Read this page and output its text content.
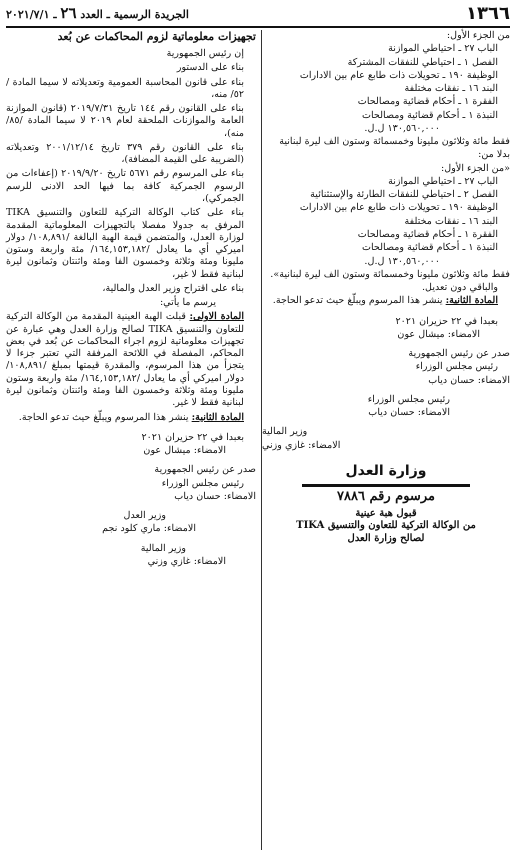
الجريدة الرسمية ـ العدد ٢٦ ـ ٢٠٢١/٧/١	١٣٦٦

من الجزء الأول:

الباب ٢٧ ـ احتياطي الموازنة

الفصل ١ ـ احتياطي للنفقات المشتركة

الوظيفة ١٩٠ ـ تحويلات ذات طابع عام بين الادارات

البند ١٦ ـ نفقات مختلفة

الفقرة ١ ـ أحكام قضائية ومصالحات

النبذة ١ ـ أحكام قضائية ومصالحات

١٣٠,٥٦٠,٠٠٠ ل.ل.

فقط مائة وثلاثون مليونا وخمسمائة وستون الف ليرة لبنانية

بدلا من:

«من الجزء الأول:

الباب ٢٧ ـ احتياطي الموازنة

الفصل ٢ ـ احتياطي للنفقات الطارئة والإستثنائية

الوظيفة ١٩٠ ـ تحويلات ذات طابع عام بين الادارات

البند ١٦ ـ نفقات مختلفة

الفقرة ١ ـ أحكام قضائية ومصالحات

النبذة ١ ـ أحكام قضائية ومصالحات

١٣٠,٥٦٠,٠٠٠ ل.ل.

فقط مائة وثلاثون مليونا وخمسمائة وستون الف ليرة لبنانية».

والباقي دون تعديل.

المادة الثانية: ينشر هذا المرسوم ويبلّغ حيث تدعو الحاجة.

بعبدا في ٢٢ حزيران ٢٠٢١

الامضاء: ميشال عون

صدر عن رئيس الجمهورية

رئيس مجلس الوزراء

الامضاء: حسان دياب

رئيس مجلس الوزراء

الامضاء: حسان دياب

وزير المالية

الامضاء: غازي وزني

وزارة العدل

مرسوم رقم ٧٨٨٦

قبول هبة عينية

من الوكالة التركية للتعاون والتنسيق TIKA

لصالح وزارة العدل

تجهيزات معلوماتية لزوم المحاكمات عن بُعد

إن رئيس الجمهورية

بناء على الدستور

بناء على قانون المحاسبة العمومية وتعديلاته لا سيما المادة /٥٢/ منه،

بناء على القانون رقم ١٤٤ تاريخ ٢٠١٩/٧/٣١ (قانون الموازنة العامة والموازنات الملحقة لعام ٢٠١٩ لا سيما المادة /٨٥/ منه)،

بناء على القانون رقم ٣٧٩ تاريخ ٢٠٠١/١٢/١٤ وتعديلاته (الضريبة على القيمة المضافة)،

بناء على المرسوم رقم ٥٦٧١ تاريخ ٢٠١٩/٩/٢٠ (إعفاءات من الرسوم الجمركية كافة بما فيها الحد الادنى للرسم الجمركي)،

بناء على كتاب الوكالة التركية للتعاون والتنسيق TIKA المرفق به جدولا مفصلا بالتجهيزات المعلوماتية المقدمة لوزارة العدل، والمتضمن قيمة الهبة البالغة /١٠٨,٨٩١/ دولار اميركي أي ما يعادل /١٦٤,١٥٣,١٨٢/ مئة واربعة وستون مليونا ومئة وثلاثة وخمسون الفا ومئة واثنتان وثمانون ليرة لبنانية فقط لا غير،

بناء على اقتراح وزير العدل والمالية،

يرسم ما يأتي:

المادة الاولى: قبلت الهبة العينية المقدمة من الوكالة التركية للتعاون والتنسيق TIKA لصالح وزارة العدل وهي عبارة عن تجهيزات معلوماتية لزوم اجراء المحاكمات عن بُعد في بعض المحاكم، المفصلة في اللائحة المرفقة التي تعتبر جزءا لا يتجزأ من هذا المرسوم، والمقدرة قيمتها بمبلغ /١٠٨,٨٩١/ دولار اميركي أي ما يعادل /١٦٤,١٥٣,١٨٢/ مئة واربعة وستون مليونا ومئة وثلاثة وخمسون الفا ومئة واثنتان وثمانون ليرة لبنانية فقط لا غير.

المادة الثانية: ينشر هذا المرسوم ويبلّغ حيث تدعو الحاجة.

بعبدا في ٢٢ حزيران ٢٠٢١

الامضاء: ميشال عون

صدر عن رئيس الجمهورية

رئيس مجلس الوزراء

الامضاء: حسان دياب

وزير العدل

الامضاء: ماري كلود نجم

وزير المالية

الامضاء: غازي وزني
